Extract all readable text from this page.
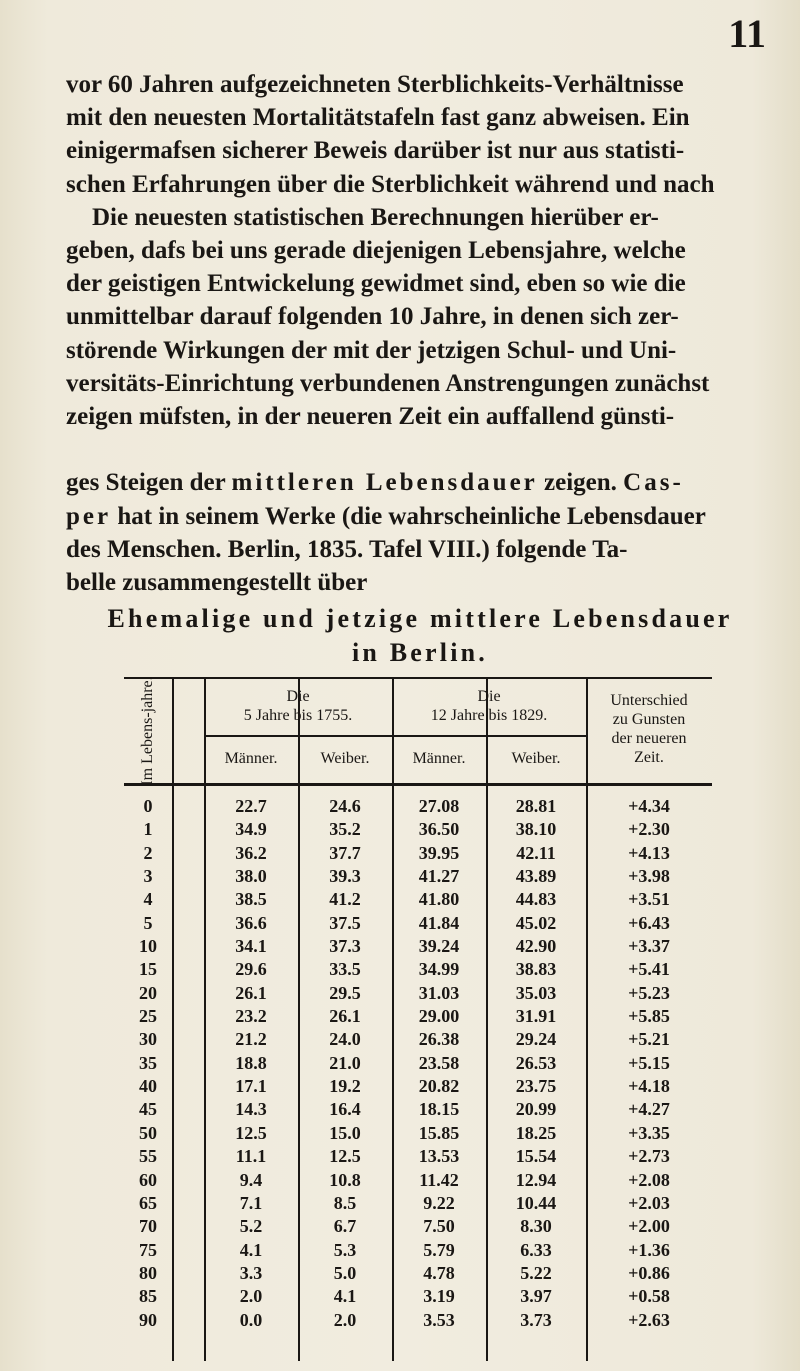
11

vor 60 Jahren aufgezeichneten Sterblichkeits-Verhältnisse
mit den neuesten Mortalitätstafeln fast ganz abweisen. Ein
einigermafsen sicherer Beweis darüber ist nur aus statisti-
schen Erfahrungen über die Sterblichkeit während und nach

Die neuesten statistischen Berechnungen hierüber er-
geben, dafs bei uns gerade diejenigen Lebensjahre, welche
der geistigen Entwickelung gewidmet sind, eben so wie die
unmittelbar darauf folgenden 10 Jahre, in denen sich zer-
störende Wirkungen der mit der jetzigen Schul- und Uni-
versitäts-Einrichtung verbundenen Anstrengungen zunächst
zeigen müfsten, in der neueren Zeit ein auffallend günsti-

ges Steigen der mittleren Lebensdauer zeigen. Cas-
per hat in seinem Werke (die wahrscheinliche Lebensdauer
des Menschen. Berlin, 1835. Tafel VIII.) folgende Ta-
belle zusammengestellt über

Ehemalige und jetzige mittlere Lebensdauer
in Berlin.
Im Lebens-jahre.	Die
5 Jahre bis 1755.
Die
12 Jahre bis 1829.
Männer.	Weiber.	Männer.	Weiber.
Unterschied
zu Gunsten
der neueren
Zeit.
0	22.7	24.6	27.08	28.81	+4.34
1	34.9	35.2	36.50	38.10	+2.30
2	36.2	37.7	39.95	42.11	+4.13
3	38.0	39.3	41.27	43.89	+3.98
4	38.5	41.2	41.80	44.83	+3.51
5	36.6	37.5	41.84	45.02	+6.43
10	34.1	37.3	39.24	42.90	+3.37
15	29.6	33.5	34.99	38.83	+5.41
20	26.1	29.5	31.03	35.03	+5.23
25	23.2	26.1	29.00	31.91	+5.85
30	21.2	24.0	26.38	29.24	+5.21
35	18.8	21.0	23.58	26.53	+5.15
40	17.1	19.2	20.82	23.75	+4.18
45	14.3	16.4	18.15	20.99	+4.27
50	12.5	15.0	15.85	18.25	+3.35
55	11.1	12.5	13.53	15.54	+2.73
60	9.4	10.8	11.42	12.94	+2.08
65	7.1	8.5	9.22	10.44	+2.03
70	5.2	6.7	7.50	8.30	+2.00
75	4.1	5.3	5.79	6.33	+1.36
80	3.3	5.0	4.78	5.22	+0.86
85	2.0	4.1	3.19	3.97	+0.58
90	0.0	2.0	3.53	3.73	+2.63
